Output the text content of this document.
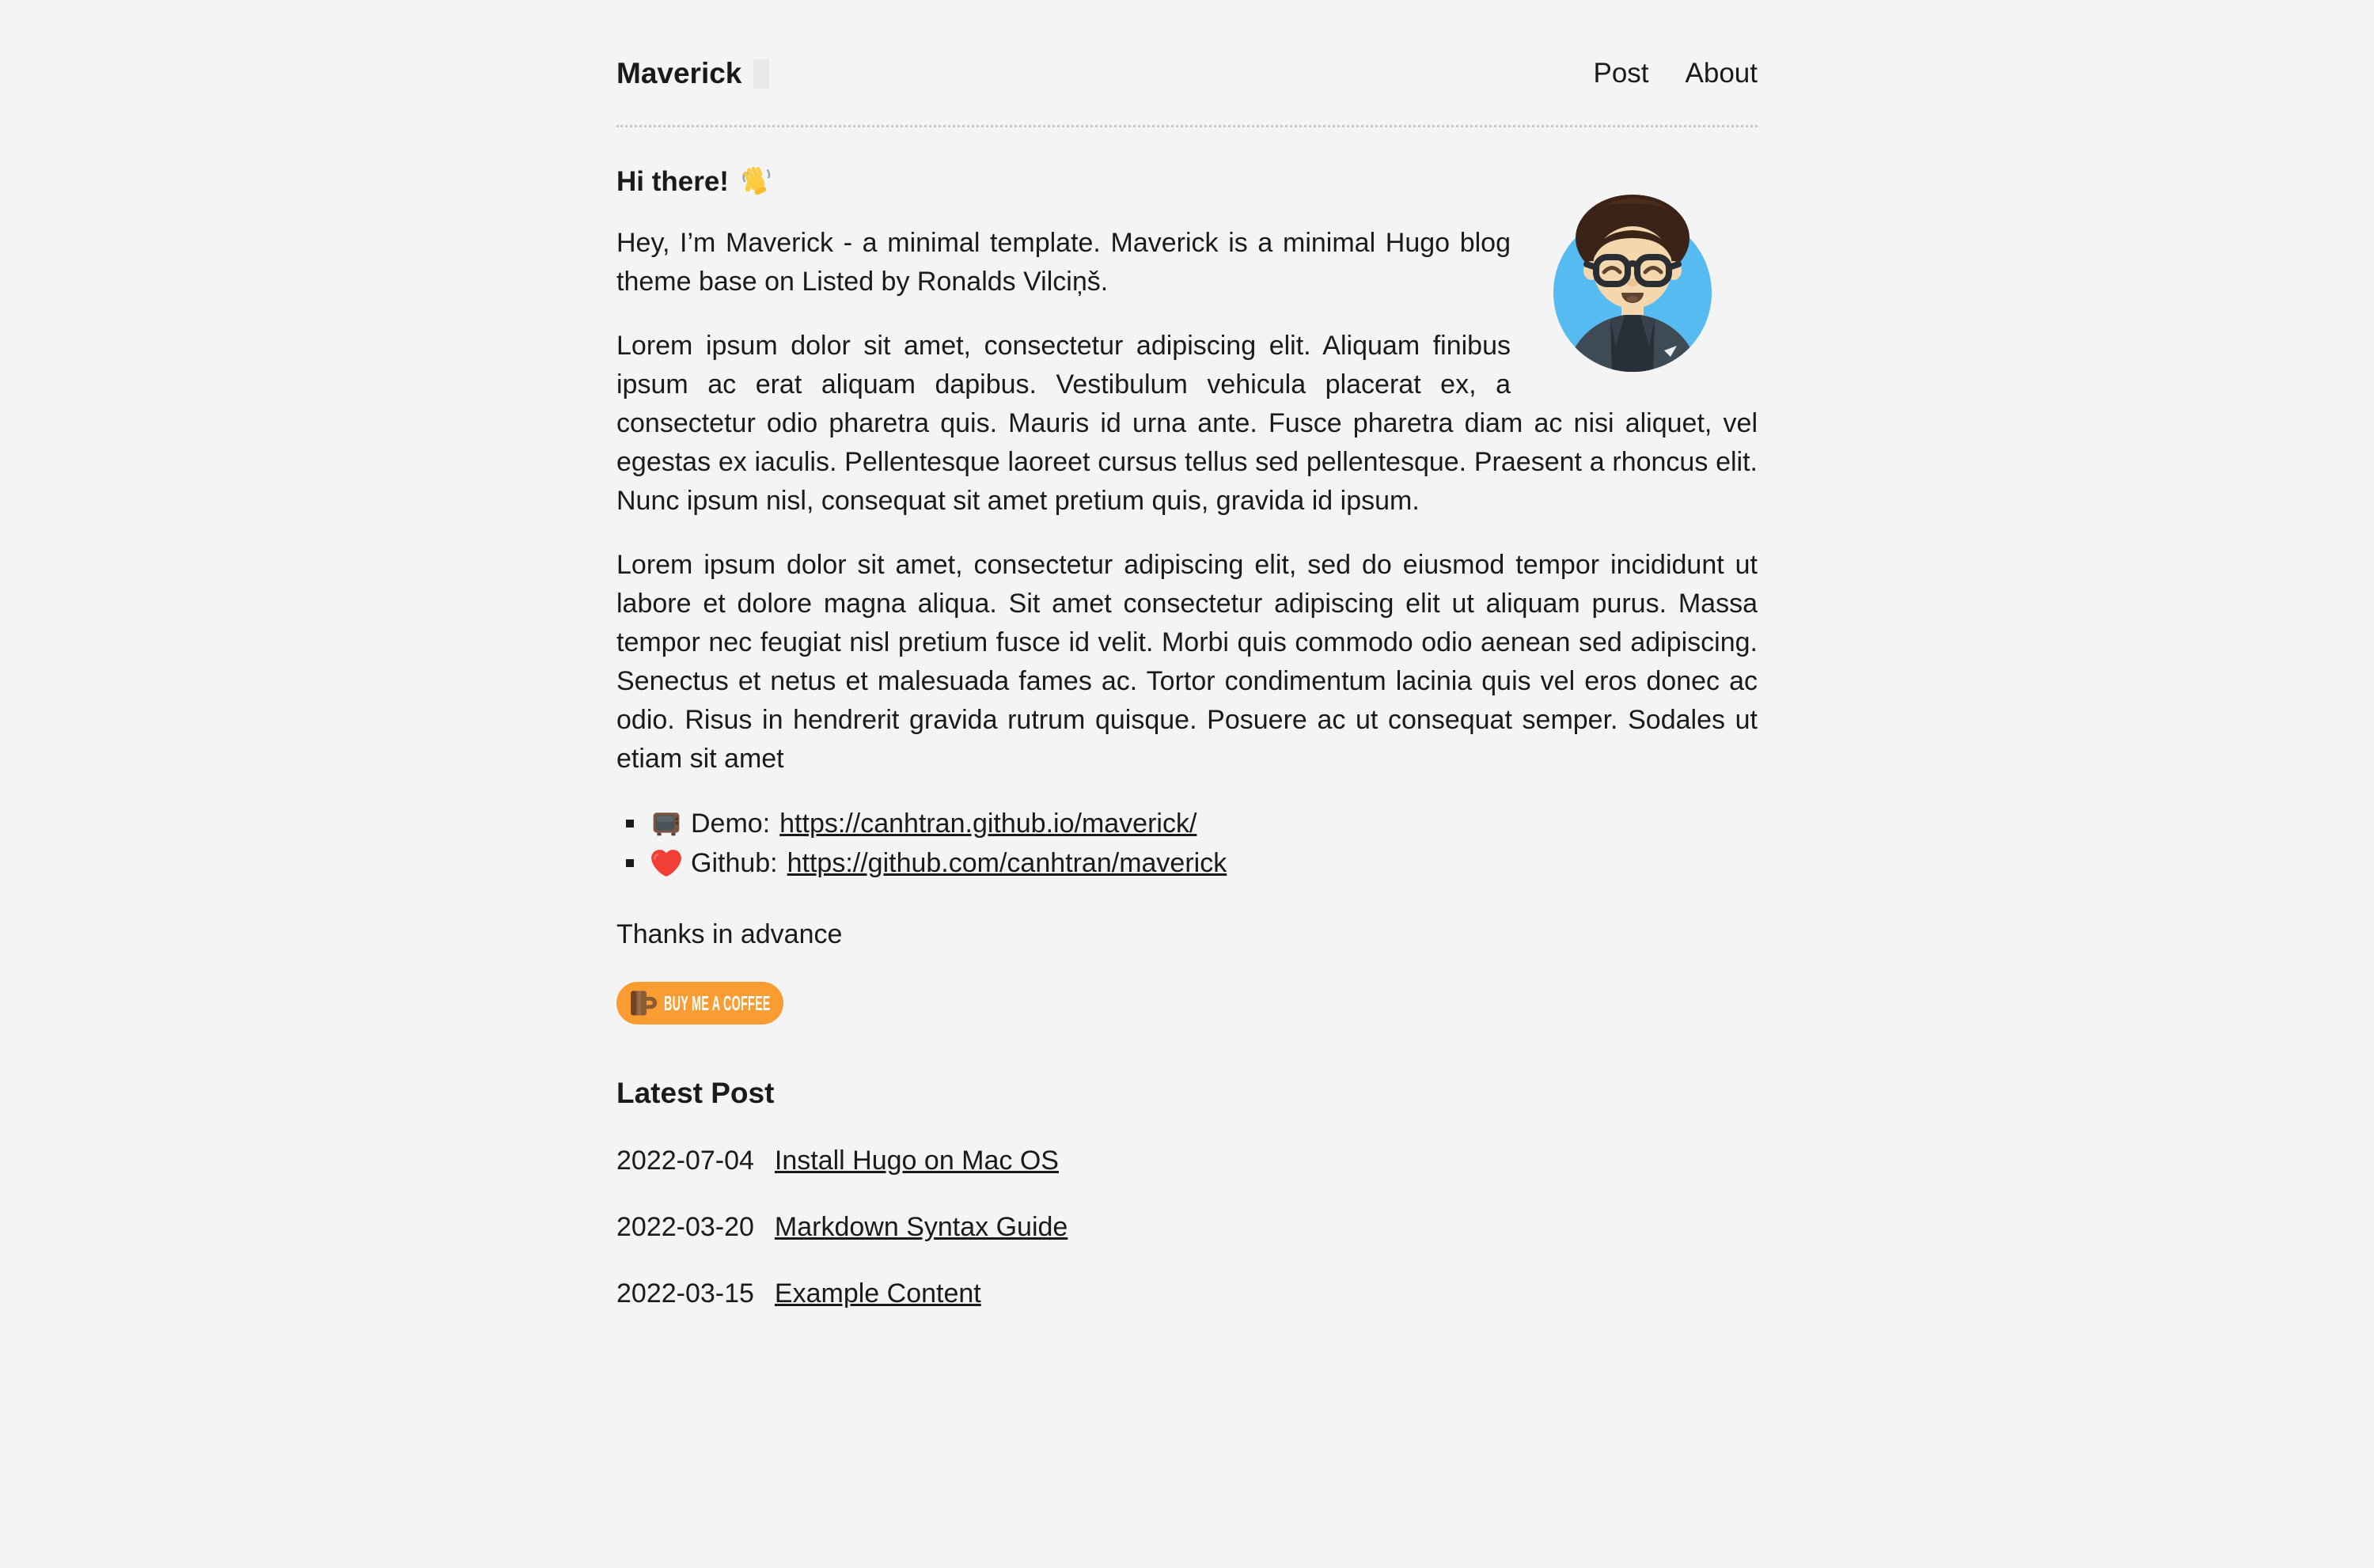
Maverick	Post About
Hi there!

Hey, I’m Maverick - a minimal template. Maverick is a minimal Hugo blog theme base on Listed by Ronalds Vilciņš.

Lorem ipsum dolor sit amet, consectetur adipiscing elit. Aliquam finibus ipsum ac erat aliquam dapibus. Vestibulum vehicula placerat ex, a consectetur odio pharetra quis. Mauris id urna ante. Fusce pharetra diam ac nisi aliquet, vel egestas ex iaculis. Pellentesque laoreet cursus tellus sed pellentesque. Praesent a rhoncus elit. Nunc ipsum nisl, consequat sit amet pretium quis, gravida id ipsum.

Lorem ipsum dolor sit amet, consectetur adipiscing elit, sed do eiusmod tempor incididunt ut labore et dolore magna aliqua. Sit amet consectetur adipiscing elit ut aliquam purus. Massa tempor nec feugiat nisl pretium fusce id velit. Morbi quis commodo odio aenean sed adipiscing. Senectus et netus et malesuada fames ac. Tortor condimentum lacinia quis vel eros donec ac odio. Risus in hendrerit gravida rutrum quisque. Posuere ac ut consequat semper. Sodales ut etiam sit amet

Demo: https://canhtran.github.io/maverick/
Github: https://github.com/canhtran/maverick

Thanks in advance

BUY ME A COFFEE
Latest Post
2022-07-04 Install Hugo on Mac OS
2022-03-20 Markdown Syntax Guide
2022-03-15 Example Content
